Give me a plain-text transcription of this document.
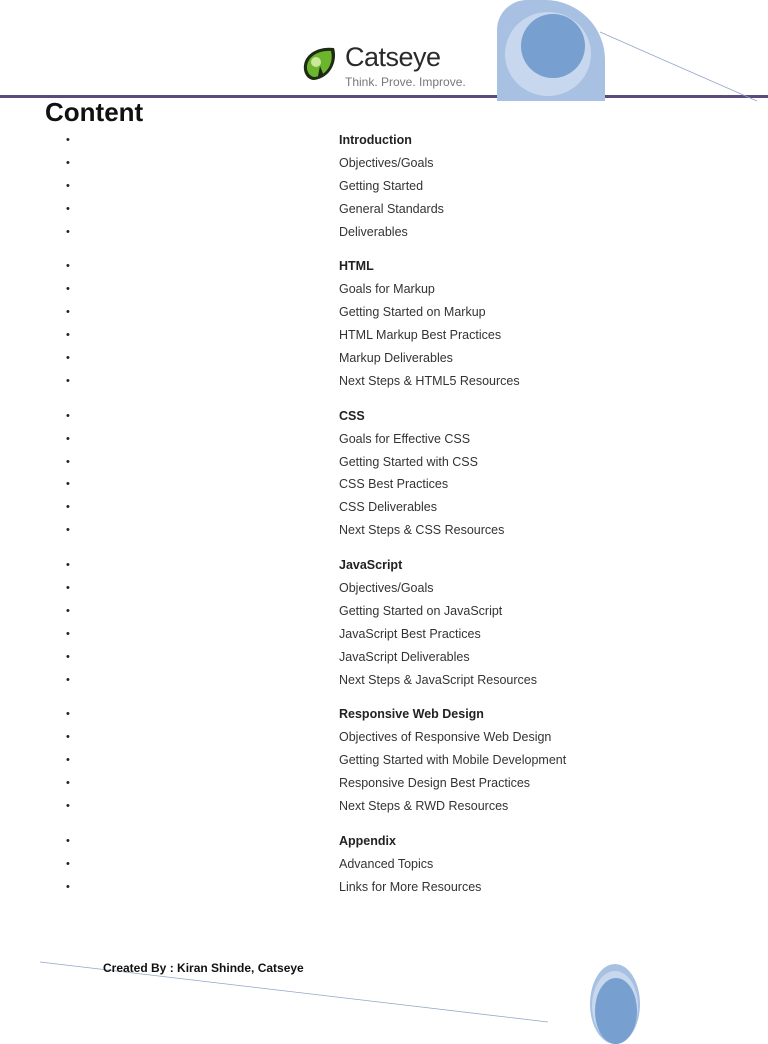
Catseye
Think. Prove. Improve.
Content
•	Introduction
•	Objectives/Goals
•	Getting Started
•	General Standards
•	Deliverables
•	HTML
•	Goals for Markup
•	Getting Started on Markup
•	HTML Markup Best Practices
•	Markup Deliverables
•	Next Steps & HTML5 Resources
•	CSS
•	Goals for Effective CSS
•	Getting Started with CSS
•	CSS Best Practices
•	CSS Deliverables
•	Next Steps & CSS Resources
•	JavaScript
•	Objectives/Goals
•	Getting Started on JavaScript
•	JavaScript Best Practices
•	JavaScript Deliverables
•	Next Steps & JavaScript Resources
•	Responsive Web Design
•	Objectives of Responsive Web Design
•	Getting Started with Mobile Development
•	Responsive Design Best Practices
•	Next Steps & RWD Resources
•	Appendix
•	Advanced Topics
•	Links for More Resources
Created By : Kiran Shinde, Catseye
